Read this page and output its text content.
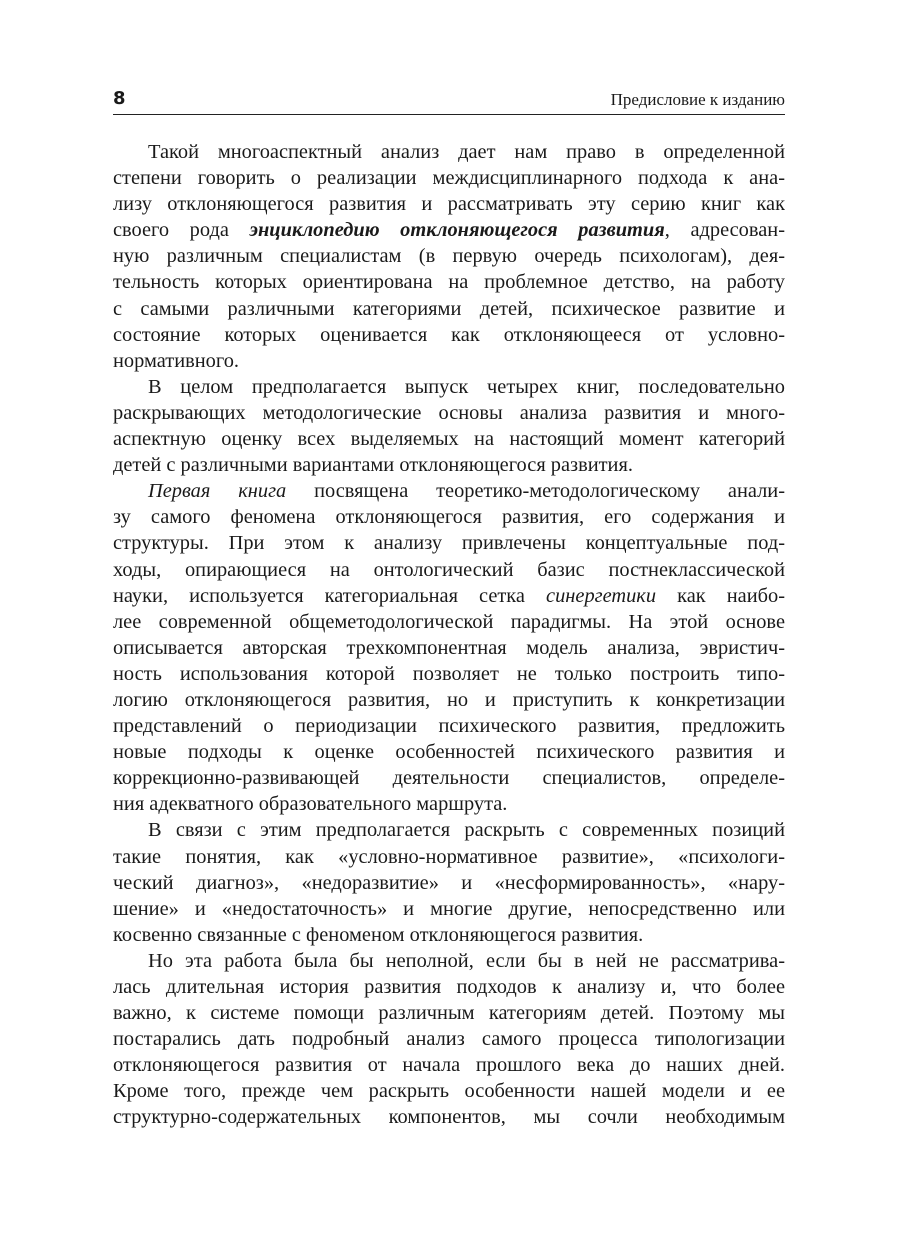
8	Предисловие к изданию
Такой многоаспектный анализ дает нам право в определенной
степени говорить о реализации междисциплинарного подхода к ана-
лизу отклоняющегося развития и рассматривать эту серию книг как
своего рода энциклопедию отклоняющегося развития, адресован-
ную различным специалистам (в первую очередь психологам), дея-
тельность которых ориентирована на проблемное детство, на работу
с самыми различными категориями детей, психическое развитие и
состояние которых оценивается как отклоняющееся от условно-
нормативного.
В целом предполагается выпуск четырех книг, последовательно
раскрывающих методологические основы анализа развития и много-
аспектную оценку всех выделяемых на настоящий момент категорий
детей с различными вариантами отклоняющегося развития.
Первая книга посвящена теоретико-методологическому анали-
зу самого феномена отклоняющегося развития, его содержания и
структуры. При этом к анализу привлечены концептуальные под-
ходы, опирающиеся на онтологический базис постнеклассической
науки, используется категориальная сетка синергетики как наибо-
лее современной общеметодологической парадигмы. На этой основе
описывается авторская трехкомпонентная модель анализа, эвристич-
ность использования которой позволяет не только построить типо-
логию отклоняющегося развития, но и приступить к конкретизации
представлений о периодизации психического развития, предложить
новые подходы к оценке особенностей психического развития и
коррекционно-развивающей деятельности специалистов, определе-
ния адекватного образовательного маршрута.
В связи с этим предполагается раскрыть с современных позиций
такие понятия, как «условно-нормативное развитие», «психологи-
ческий диагноз», «недоразвитие» и «несформированность», «нару-
шение» и «недостаточность» и многие другие, непосредственно или
косвенно связанные с феноменом отклоняющегося развития.
Но эта работа была бы неполной, если бы в ней не рассматрива-
лась длительная история развития подходов к анализу и, что более
важно, к системе помощи различным категориям детей. Поэтому мы
постарались дать подробный анализ самого процесса типологизации
отклоняющегося развития от начала прошлого века до наших дней.
Кроме того, прежде чем раскрыть особенности нашей модели и ее
структурно-содержательных компонентов, мы сочли необходимым
